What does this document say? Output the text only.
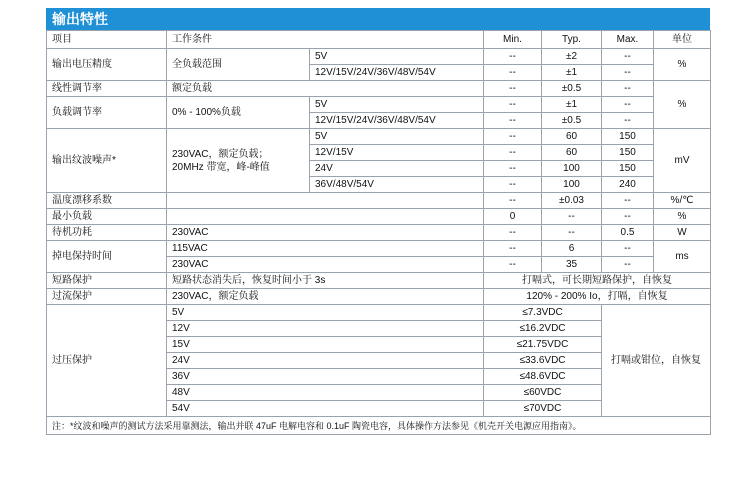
输出特性
项目	工作条件		Min.	Typ.	Max.	单位
输出电压精度	全负载范围	5V	--	±2	--	%
		12V/15V/24V/36V/48V/54V	--	±1	--	
线性调节率	额定负载		--	±0.5	--	%
负载调节率	0% - 100%负载	5V	--	±1	--	
		12V/15V/24V/36V/48V/54V	--	±0.5	--	
输出纹波噪声*	230VAC，额定负载；
20MHz 带宽，峰-峰值	5V	--	60	150	mV
		12V/15V	--	60	150	
		24V	--	100	150	
		36V/48V/54V	--	100	240	
温度漂移系数			--	±0.03	--	%/℃
最小负载			0	--	--	%
待机功耗	230VAC		--	--	0.5	W
掉电保持时间	115VAC		--	6	--	ms
	230VAC		--	35	--	
短路保护	短路状态消失后，恢复时间小于 3s		打嗝式，可长期短路保护，自恢复			
过流保护	230VAC，额定负载		120% - 200% Io，打嗝，自恢复			
过压保护	5V		≤7.3VDC		打嗝或钳位，自恢复	
	12V		≤16.2VDC			
	15V		≤21.75VDC			
	24V		≤33.6VDC			
	36V		≤48.6VDC			
	48V		≤60VDC			
	54V		≤70VDC			
注：*纹波和噪声的测试方法采用靠测法，输出并联 47uF 电解电容和 0.1uF 陶瓷电容，具体操作方法参见《机壳开关电源应用指南》。						
